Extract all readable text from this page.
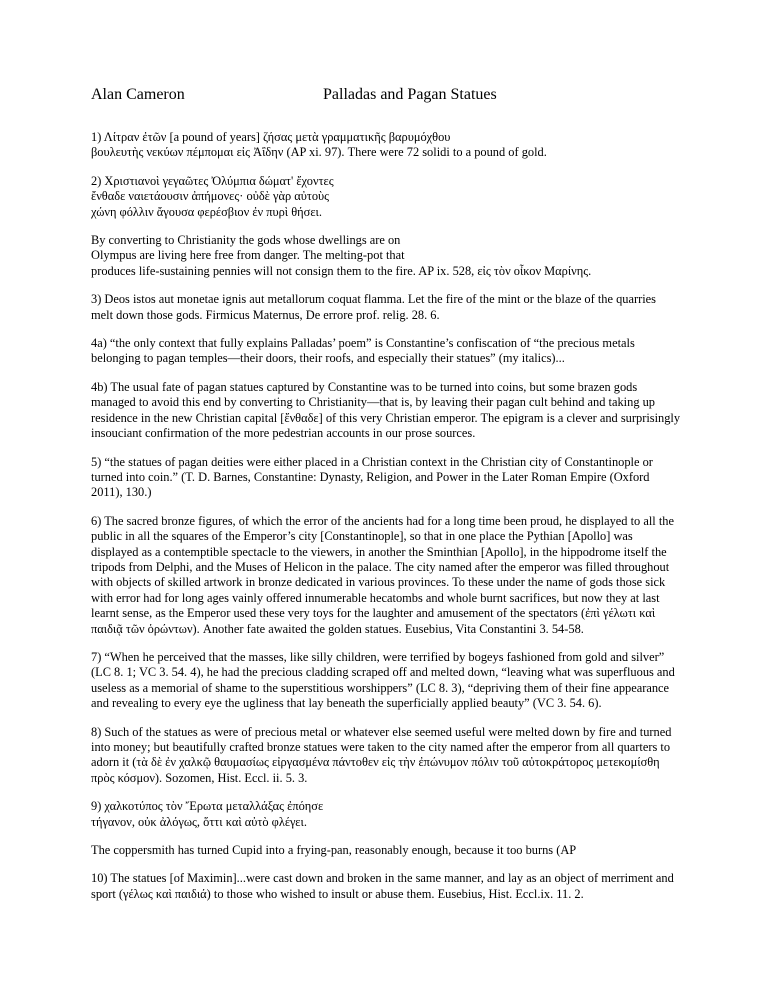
Alan Cameron	Palladas and Pagan Statues
1) Λίτραν ἐτῶν [a pound of years] ζήσας μετὰ γραμματικῆς βαρυμόχθου
βουλευτὴς νεκύων πέμπομαι εἰς Ἀΐδην (AP xi. 97). There were 72 solidi to a pound of gold.
2) Χριστιανοὶ γεγαῶτες Ὀλύμπια δώματ' ἔχοντες
ἔνθαδε ναιετάουσιν ἀπήμονες· οὐδὲ γὰρ αὐτοὺς
χώνη φόλλιν ἄγουσα φερέσβιον ἐν πυρὶ θήσει.
By converting to Christianity the gods whose dwellings are on
Olympus are living here free from danger. The melting-pot that
produces life-sustaining pennies will not consign them to the fire. AP ix. 528, εἰς τὸν οἶκον Μαρίνης.
3) Deos istos aut monetae ignis aut metallorum coquat flamma. Let the fire of the mint or the blaze of the quarries
melt down those gods. Firmicus Maternus, De errore prof. relig. 28. 6.
4a) “the only context that fully explains Palladas’ poem” is Constantine’s confiscation of “the precious metals
belonging to pagan temples—their doors, their roofs, and especially their statues” (my italics)...
4b) The usual fate of pagan statues captured by Constantine was to be turned into coins, but some brazen gods
managed to avoid this end by converting to Christianity—that is, by leaving their pagan cult behind and taking up
residence in the new Christian capital [ἔνθαδε] of this very Christian emperor. The epigram is a clever and surprisingly
insouciant confirmation of the more pedestrian accounts in our prose sources.
5) “the statues of pagan deities were either placed in a Christian context in the Christian city of Constantinople or
turned into coin.” (T. D. Barnes, Constantine: Dynasty, Religion, and Power in the Later Roman Empire (Oxford
2011), 130.)
6) The sacred bronze figures, of which the error of the ancients had for a long time been proud, he displayed to all the
public in all the squares of the Emperor’s city [Constantinople], so that in one place the Pythian [Apollo] was
displayed as a contemptible spectacle to the viewers, in another the Sminthian [Apollo], in the hippodrome itself the
tripods from Delphi, and the Muses of Helicon in the palace. The city named after the emperor was filled throughout
with objects of skilled artwork in bronze dedicated in various provinces. To these under the name of gods those sick
with error had for long ages vainly offered innumerable hecatombs and whole burnt sacrifices, but now they at last
learnt sense, as the Emperor used these very toys for the laughter and amusement of the spectators (ἐπὶ γέλωτι καὶ
παιδιᾷ τῶν ὁρώντων). Another fate awaited the golden statues. Eusebius, Vita Constantini 3. 54-58.
7) “When he perceived that the masses, like silly children, were terrified by bogeys fashioned from gold and silver”
(LC 8. 1; VC 3. 54. 4), he had the precious cladding scraped off and melted down, “leaving what was superfluous and
useless as a memorial of shame to the superstitious worshippers” (LC 8. 3), “depriving them of their fine appearance
and revealing to every eye the ugliness that lay beneath the superficially applied beauty” (VC 3. 54. 6).
8) Such of the statues as were of precious metal or whatever else seemed useful were melted down by fire and turned
into money; but beautifully crafted bronze statues were taken to the city named after the emperor from all quarters to
adorn it (τὰ δὲ ἐν χαλκῷ θαυμασίως εἰργασμένα πάντοθεν εἰς τὴν ἐπώνυμον πόλιν τοῦ αὐτοκράτορος μετεκομίσθη
πρὸς κόσμον). Sozomen, Hist. Eccl. ii. 5. 3.
9) χαλκοτύπος τὸν Ἔρωτα μεταλλάξας ἐπόησε
τήγανον, οὐκ ἀλόγως, ὅττι καὶ αὐτὸ φλέγει.
The coppersmith has turned Cupid into a frying-pan, reasonably enough, because it too burns (AP
10) The statues [of Maximin]...were cast down and broken in the same manner, and lay as an object of merriment and
sport (γέλως καὶ παιδιά) to those who wished to insult or abuse them. Eusebius, Hist. Eccl.ix. 11. 2.
